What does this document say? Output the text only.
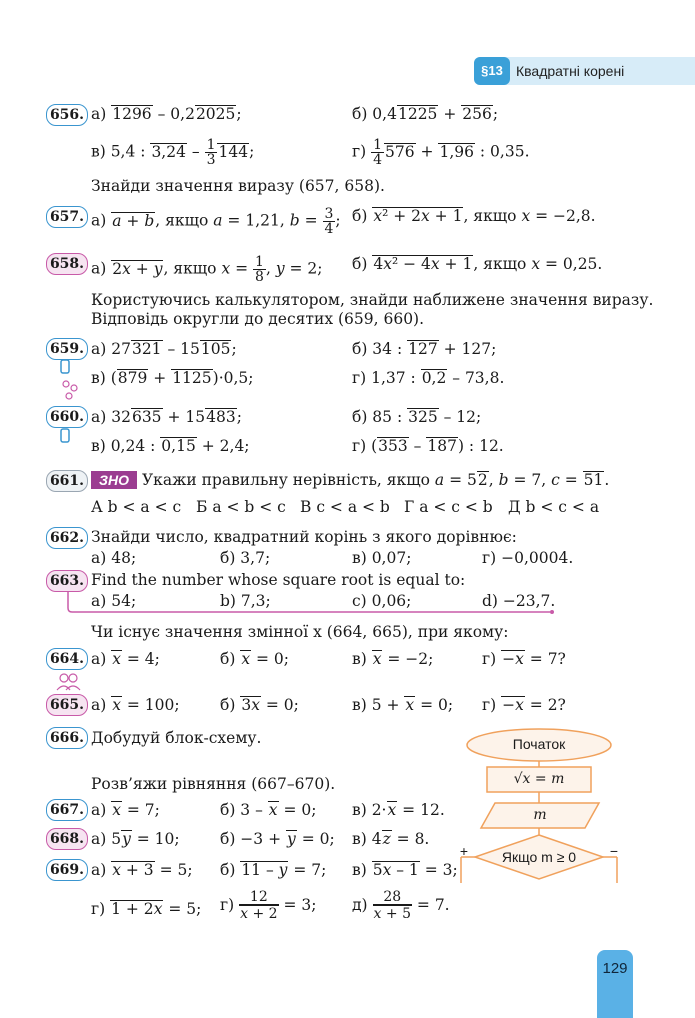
§13 Квадратні корені
656. а) 1296 – 0,22025;	б) 0,41225 + 256;
в) 5,4 : $3,24 - \frac{1}{3} 144$;	$г) \frac{1}{4} 576 + 1,96$ : 0,35.
Знайди значення виразу (657, 658).
657. а) a + b, якщо a = 1,21, $b = \frac{3}{4}$ ; б) x² + 2x + 1, якщо x = −2,8.
658. а) 2x + y, якщо $x = \frac{1}{8}$ , y = 2; б) 4x² − 4x + 1, якщо x = 0,25.
Користуючись калькулятором, знайди наближене значення виразу.
Відповідь округли до десятих (659, 660).
659. а) 27321 – 15105;	б) 34 : 127 + 127;
в) (879 + 1125)·0,5;	г) 1,37 : 0,2 – 73,8.
660. а) 32635 + 15483;	б) 85 : 325 – 12;
в) 0,24 : 0,15 + 2,4;	г) (353 – 187) : 12.
661.	ЗНО Укажи правильну нерівність, якщо a = 52, b = 7, c = 51.
А b < a < c Б a < b < c В c < a < b Г a < c < b Д b < c < a
662. Знайди число, квадратний корінь з якого дорівнює:
а) 48;	б) 3,7;	в) 0,07;	г) −0,0004.
663. Find the number whose square root is equal to:
a) 54;	b) 7,3;	c) 0,06;	d) −23,7.
Чи існує значення змінної x (664, 665), при якому:
664. а) x = 4;	б) x = 0;	в) x = −2;	г) −x = 7?
665. а) x = 100;	б) 3x = 0;	в) 5 + x = 0; г) −x = 2?
666. Добудуй блок-схему.	Початок
√x = m
m
Якщо m ≥ 0
+	−
Розв’яжи рівняння (667–670).
667. а) x = 7;	б) 3 – x = 0; в) 2·x = 12.
668. а) 5y = 10;	б) −3 + y = 0; в) 4z = 8.
669. а) x + 3 = 5; б) 11 – y = 7; в) 5x – 1 = 3;
г) 1 + 2x = 5; $г) \frac{12}{x + 2} = 3$; $д) \frac{28}{x + 5} = 7$.
129
